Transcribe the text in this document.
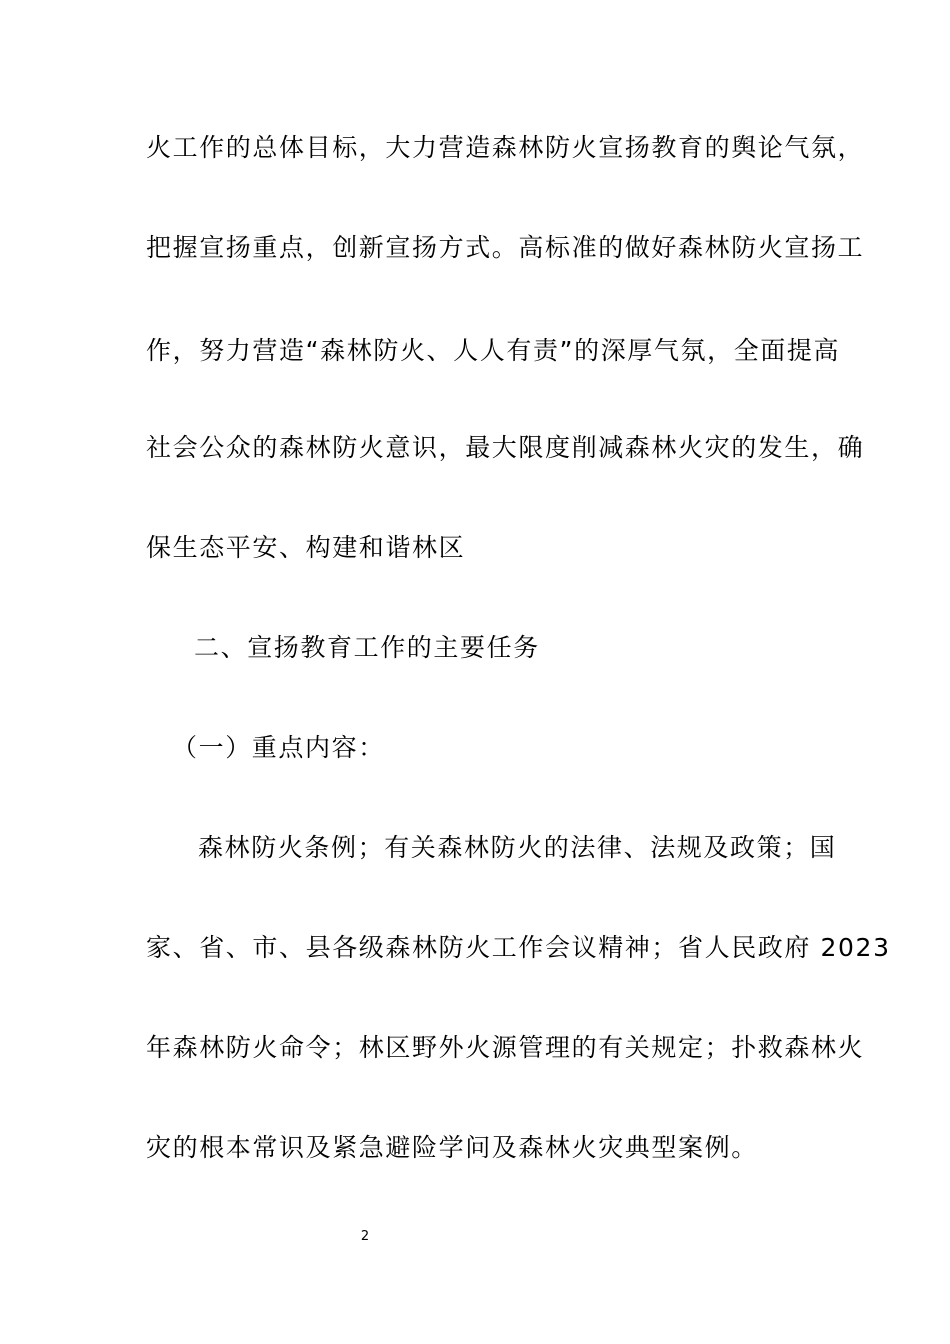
火工作的总体目标，大力营造森林防火宣扬教育的舆论气氛，
把握宣扬重点，创新宣扬方式。高标准的做好森林防火宣扬工
作，努力营造“森林防火、人人有责”的深厚气氛，全面提高
社会公众的森林防火意识，最大限度削减森林火灾的发生，确
保生态平安、构建和谐林区
二、宣扬教育工作的主要任务
（一）重点内容：
森林防火条例；有关森林防火的法律、法规及政策；国
家、省、市、县各级森林防火工作会议精神；省人民政府 2023
年森林防火命令；林区野外火源管理的有关规定；扑救森林火
灾的根本常识及紧急避险学问及森林火灾典型案例。
2
